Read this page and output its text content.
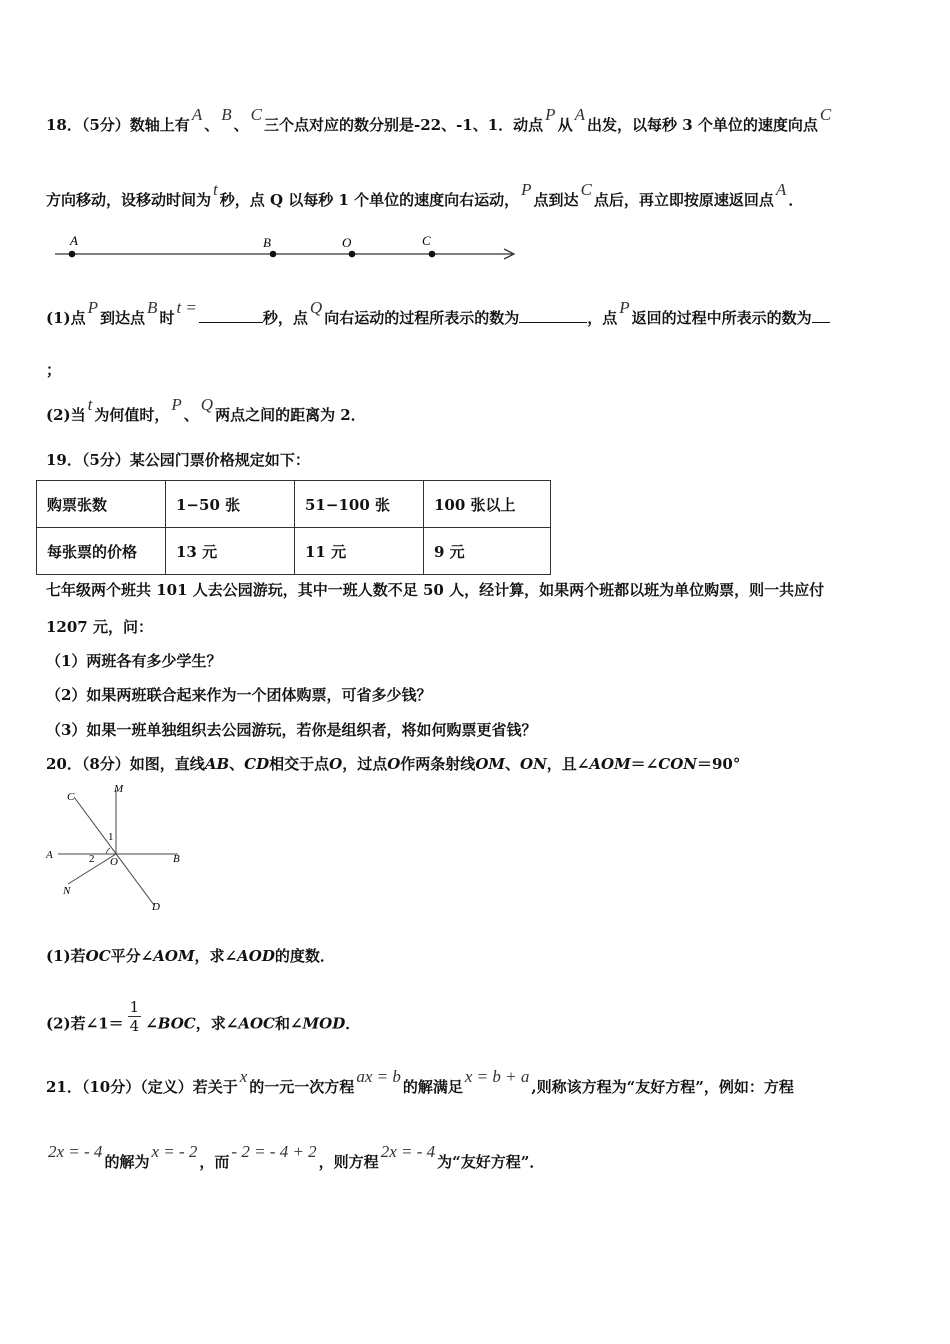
18．（5分）数轴上有A、B、C三个点对应的数分别是-22、-1、1．动点P从A出发，以每秒 3 个单位的速度向点C
方向移动，设移动时间为t秒，点 Q 以每秒 1 个单位的速度向右运动，P点到达C点后，再立即按原速返回点A．
A	B	O	C
(1)点P到达点B时t =秒，点Q向右运动的过程所表示的数为	，点P返回的过程中所表示的数为
；
(2)当t为何值时，P、Q两点之间的距离为 2．
19．（5分）某公园门票价格规定如下：
购票张数	1−50 张	51−100 张	100 张以上
每张票的价格	13 元	11 元	9 元
七年级两个班共 101 人去公园游玩，其中一班人数不足 50 人，经计算，如果两个班都以班为单位购票，则一共应付
1207 元，问：
（1）两班各有多少学生？
（2）如果两班联合起来作为一个团体购票，可省多少钱？
（3）如果一班单独组织去公园游玩，若你是组织者，将如何购票更省钱？
20．（8分）如图，直线AB、CD相交于点O，过点O作两条射线OM、ON，且∠AOM＝∠CON＝90°
C
M
1
A	2 O	B
N
D
(1)若OC平分∠AOM，求∠AOD的度数．
(2)若∠1＝ $\frac{1}{4}$ ∠BOC，求∠AOC和∠MOD．
21．（10分）（定义）若关于x的一元一次方程ax = b的解满足x = b + a,则称该方程为“友好方程”，例如：方程
2x = - 4的解为x = - 2，而- 2 = - 4 + 2，则方程2x = - 4为“友好方程”．
